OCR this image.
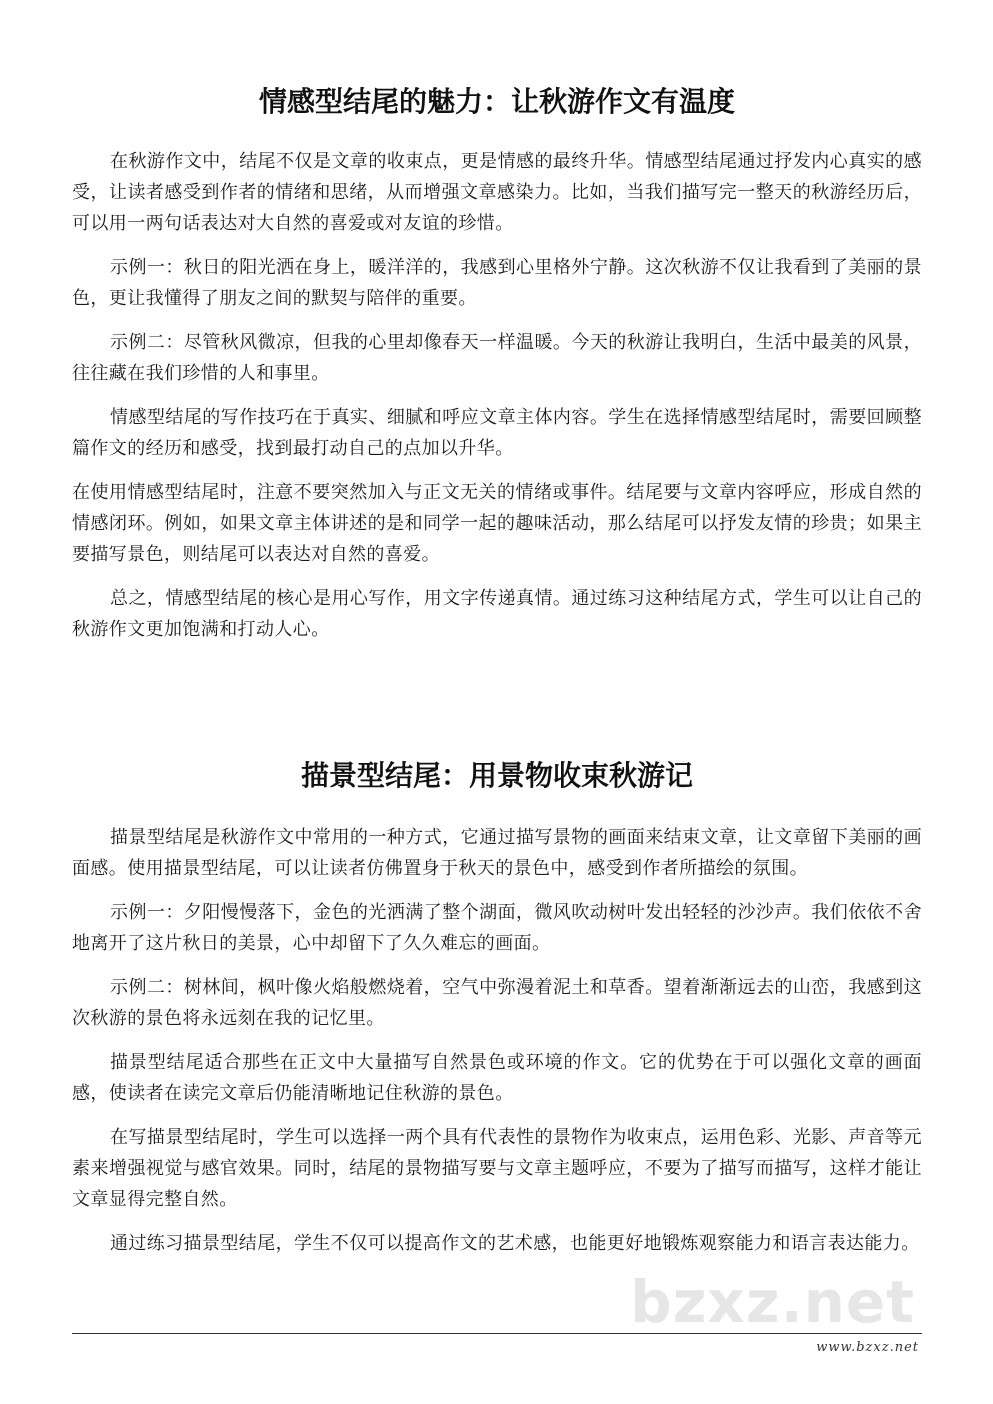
bzxz.net
情感型结尾的魅力：让秋游作文有温度

在秋游作文中，结尾不仅是文章的收束点，更是情感的最终升华。情感型结尾通过抒发内心真实的感受，让读者感受到作者的情绪和思绪，从而增强文章感染力。比如，当我们描写完一整天的秋游经历后，可以用一两句话表达对大自然的喜爱或对友谊的珍惜。

示例一：秋日的阳光洒在身上，暖洋洋的，我感到心里格外宁静。这次秋游不仅让我看到了美丽的景色，更让我懂得了朋友之间的默契与陪伴的重要。

示例二：尽管秋风微凉，但我的心里却像春天一样温暖。今天的秋游让我明白，生活中最美的风景，往往藏在我们珍惜的人和事里。

情感型结尾的写作技巧在于真实、细腻和呼应文章主体内容。学生在选择情感型结尾时，需要回顾整篇作文的经历和感受，找到最打动自己的点加以升华。

在使用情感型结尾时，注意不要突然加入与正文无关的情绪或事件。结尾要与文章内容呼应，形成自然的情感闭环。例如，如果文章主体讲述的是和同学一起的趣味活动，那么结尾可以抒发友情的珍贵；如果主要描写景色，则结尾可以表达对自然的喜爱。

总之，情感型结尾的核心是用心写作，用文字传递真情。通过练习这种结尾方式，学生可以让自己的秋游作文更加饱满和打动人心。

描景型结尾：用景物收束秋游记

描景型结尾是秋游作文中常用的一种方式，它通过描写景物的画面来结束文章，让文章留下美丽的画面感。使用描景型结尾，可以让读者仿佛置身于秋天的景色中，感受到作者所描绘的氛围。

示例一：夕阳慢慢落下，金色的光洒满了整个湖面，微风吹动树叶发出轻轻的沙沙声。我们依依不舍地离开了这片秋日的美景，心中却留下了久久难忘的画面。

示例二：树林间，枫叶像火焰般燃烧着，空气中弥漫着泥土和草香。望着渐渐远去的山峦，我感到这次秋游的景色将永远刻在我的记忆里。

描景型结尾适合那些在正文中大量描写自然景色或环境的作文。它的优势在于可以强化文章的画面感，使读者在读完文章后仍能清晰地记住秋游的景色。

在写描景型结尾时，学生可以选择一两个具有代表性的景物作为收束点，运用色彩、光影、声音等元素来增强视觉与感官效果。同时，结尾的景物描写要与文章主题呼应，不要为了描写而描写，这样才能让文章显得完整自然。

通过练习描景型结尾，学生不仅可以提高作文的艺术感，也能更好地锻炼观察能力和语言表达能力。

www.bzxz.net
